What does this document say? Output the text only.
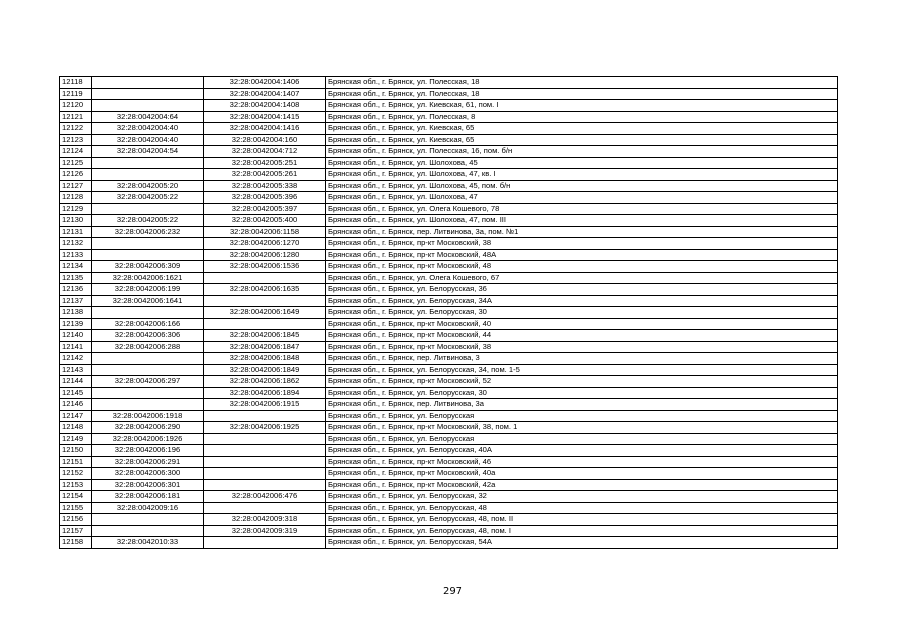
12118		32:28:0042004:1406	Брянская обл., г. Брянск, ул. Полесская, 18
12119		32:28:0042004:1407	Брянская обл., г. Брянск, ул. Полесская, 18
12120		32:28:0042004:1408	Брянская обл., г. Брянск, ул. Киевская, 61, пом. I
12121	32:28:0042004:64	32:28:0042004:1415	Брянская обл., г. Брянск, ул. Полесская, 8
12122	32:28:0042004:40	32:28:0042004:1416	Брянская обл., г. Брянск, ул. Киевская, 65
12123	32:28:0042004:40	32:28:0042004:160	Брянская обл., г. Брянск, ул. Киевская, 65
12124	32:28:0042004:54	32:28:0042004:712	Брянская обл., г. Брянск, ул. Полесская, 16, пом. б/н
12125		32:28:0042005:251	Брянская обл., г. Брянск, ул. Шолохова, 45
12126		32:28:0042005:261	Брянская обл., г. Брянск, ул. Шолохова, 47, кв. I
12127	32:28:0042005:20	32:28:0042005:338	Брянская обл., г. Брянск, ул. Шолохова, 45, пом. б/н
12128	32:28:0042005:22	32:28:0042005:396	Брянская обл., г. Брянск, ул. Шолохова, 47
12129		32:28:0042005:397	Брянская обл., г. Брянск, ул. Олега Кошевого, 78
12130	32:28:0042005:22	32:28:0042005:400	Брянская обл., г. Брянск, ул. Шолохова, 47, пом. III
12131	32:28:0042006:232	32:28:0042006:1158	Брянская обл., г. Брянск, пер. Литвинова, 3а, пом. №1
12132		32:28:0042006:1270	Брянская обл., г. Брянск, пр-кт Московский, 38
12133		32:28:0042006:1280	Брянская обл., г. Брянск, пр-кт Московский, 48А
12134	32:28:0042006:309	32:28:0042006:1536	Брянская обл., г. Брянск, пр-кт Московский, 48
12135	32:28:0042006:1621		Брянская обл., г. Брянск, ул. Олега Кошевого, 67
12136	32:28:0042006:199	32:28:0042006:1635	Брянская обл., г. Брянск, ул. Белорусская, 36
12137	32:28:0042006:1641		Брянская обл., г. Брянск, ул. Белорусская, 34А
12138		32:28:0042006:1649	Брянская обл., г. Брянск, ул. Белорусская, 30
12139	32:28:0042006:166		Брянская обл., г. Брянск, пр-кт Московский, 40
12140	32:28:0042006:306	32:28:0042006:1845	Брянская обл., г. Брянск, пр-кт Московский, 44
12141	32:28:0042006:288	32:28:0042006:1847	Брянская обл., г. Брянск, пр-кт Московский, 38
12142		32:28:0042006:1848	Брянская обл., г. Брянск, пер. Литвинова, 3
12143		32:28:0042006:1849	Брянская обл., г. Брянск, ул. Белорусская, 34, пом. 1-5
12144	32:28:0042006:297	32:28:0042006:1862	Брянская обл., г. Брянск, пр-кт Московский, 52
12145		32:28:0042006:1894	Брянская обл., г. Брянск, ул. Белорусская, 30
12146		32:28:0042006:1915	Брянская обл., г. Брянск, пер. Литвинова, 3а
12147	32:28:0042006:1918		Брянская обл., г. Брянск, ул. Белорусская
12148	32:28:0042006:290	32:28:0042006:1925	Брянская обл., г. Брянск, пр-кт Московский, 38, пом. 1
12149	32:28:0042006:1926		Брянская обл., г. Брянск, ул. Белорусская
12150	32:28:0042006:196		Брянская обл., г. Брянск, ул. Белорусская, 40А
12151	32:28:0042006:291		Брянская обл., г. Брянск, пр-кт Московский, 46
12152	32:28:0042006:300		Брянская обл., г. Брянск, пр-кт Московский, 40а
12153	32:28:0042006:301		Брянская обл., г. Брянск, пр-кт Московский, 42а
12154	32:28:0042006:181	32:28:0042006:476	Брянская обл., г. Брянск, ул. Белорусская, 32
12155	32:28:0042009:16		Брянская обл., г. Брянск, ул. Белорусская, 48
12156		32:28:0042009:318	Брянская обл., г. Брянск, ул. Белорусская, 48, пом. II
12157		32:28:0042009:319	Брянская обл., г. Брянск, ул. Белорусская, 48, пом. I
12158	32:28:0042010:33		Брянская обл., г. Брянск, ул. Белорусская, 54А
297
